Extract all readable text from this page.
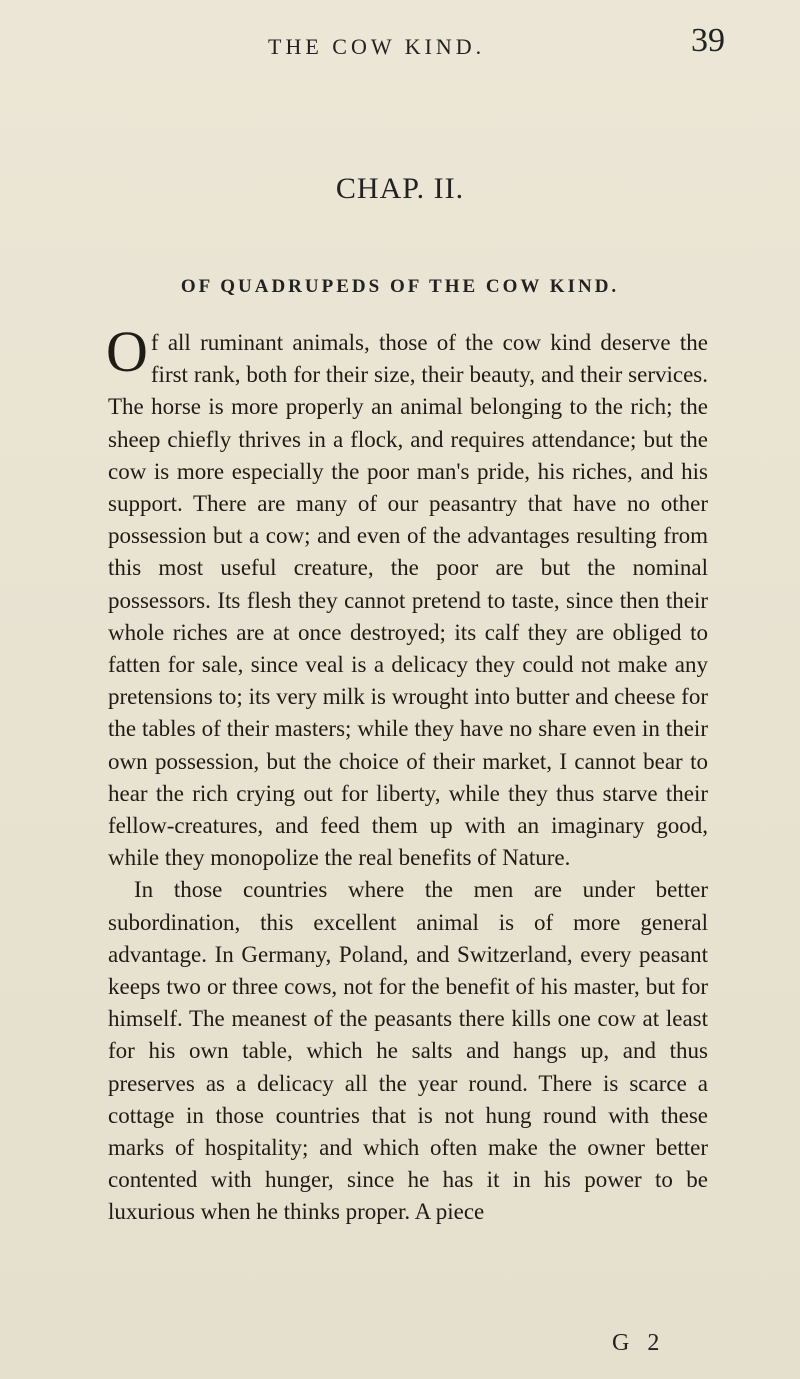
THE COW KIND.	39
CHAP. II.
OF QUADRUPEDS OF THE COW KIND.

Of all ruminant animals, those of the cow kind deserve the first rank, both for their size, their beauty, and their services. The horse is more properly an animal belonging to the rich; the sheep chiefly thrives in a flock, and requires attendance; but the cow is more especially the poor man's pride, his riches, and his support. There are many of our peasantry that have no other possession but a cow; and even of the advantages resulting from this most useful creature, the poor are but the nominal possessors. Its flesh they cannot pretend to taste, since then their whole riches are at once destroyed; its calf they are obliged to fatten for sale, since veal is a delicacy they could not make any pretensions to; its very milk is wrought into butter and cheese for the tables of their masters; while they have no share even in their own possession, but the choice of their market, I cannot bear to hear the rich crying out for liberty, while they thus starve their fellow-creatures, and feed them up with an imaginary good, while they monopolize the real benefits of Nature.

In those countries where the men are under better subordination, this excellent animal is of more general advantage. In Germany, Poland, and Switzerland, every peasant keeps two or three cows, not for the benefit of his master, but for himself. The meanest of the peasants there kills one cow at least for his own table, which he salts and hangs up, and thus preserves as a delicacy all the year round. There is scarce a cottage in those countries that is not hung round with these marks of hospitality; and which often make the owner better contented with hunger, since he has it in his power to be luxurious when he thinks proper. A piece

G 2
